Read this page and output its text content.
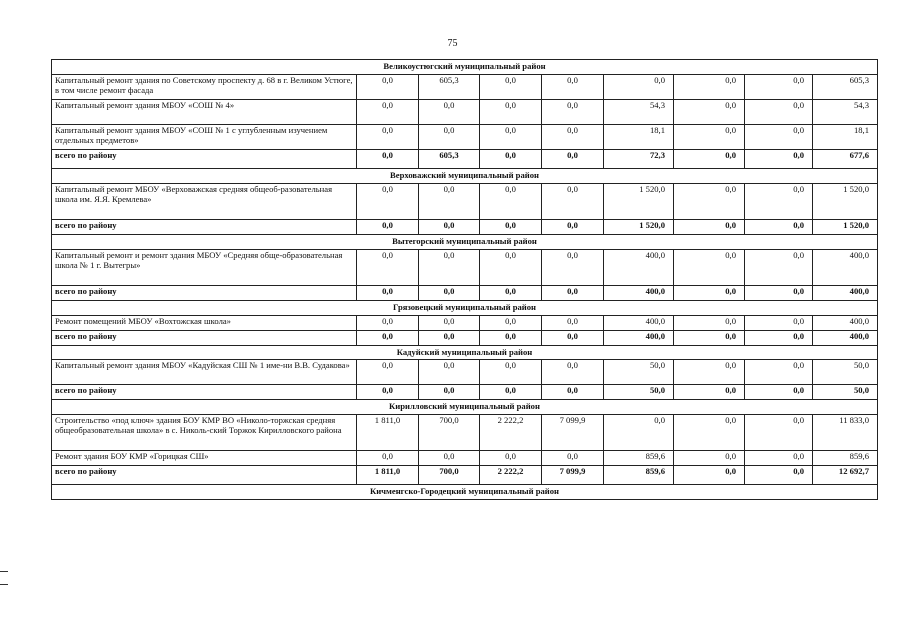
75
Великоустюгский муниципальный район								
Капитальный ремонт здания по Советскому проспекту д. 68 в г. Великом Устюге, в том числе ремонт фасада	0,0	605,3	0,0	0,0	0,0	0,0	0,0	605,3
Капитальный ремонт здания МБОУ «СОШ № 4»	0,0	0,0	0,0	0,0	54,3	0,0	0,0	54,3
Капитальный ремонт здания МБОУ «СОШ № 1 с углубленным изучением отдельных предметов»	0,0	0,0	0,0	0,0	18,1	0,0	0,0	18,1
всего по району	0,0	605,3	0,0	0,0	72,3	0,0	0,0	677,6
Верховажский муниципальный район								
Капитальный ремонт МБОУ «Верховажская средняя общеоб-разовательная школа им. Я.Я. Кремлева»	0,0	0,0	0,0	0,0	1 520,0	0,0	0,0	1 520,0
всего по району	0,0	0,0	0,0	0,0	1 520,0	0,0	0,0	1 520,0
Вытегорский муниципальный район								
Капитальный ремонт и ремонт здания МБОУ «Средняя обще-образовательная школа № 1 г. Вытегры»	0,0	0,0	0,0	0,0	400,0	0,0	0,0	400,0
всего по району	0,0	0,0	0,0	0,0	400,0	0,0	0,0	400,0
Грязовецкий муниципальный район								
Ремонт помещений МБОУ «Вохтожская школа»	0,0	0,0	0,0	0,0	400,0	0,0	0,0	400,0
всего по району	0,0	0,0	0,0	0,0	400,0	0,0	0,0	400,0
Кадуйский муниципальный район								
Капитальный ремонт здания МБОУ «Кадуйская СШ № 1 име-ни В.В. Судакова»	0,0	0,0	0,0	0,0	50,0	0,0	0,0	50,0
всего по району	0,0	0,0	0,0	0,0	50,0	0,0	0,0	50,0
Кирилловский муниципальный район								
Строительство «под ключ» здания БОУ КМР ВО «Николо-торжская средняя общеобразовательная школа» в с. Николь-ский Торжок Кирилловского района	1 811,0	700,0	2 222,2	7 099,9	0,0	0,0	0,0	11 833,0
Ремонт здания БОУ КМР «Горицкая СШ»	0,0	0,0	0,0	0,0	859,6	0,0	0,0	859,6
всего по району	1 811,0	700,0	2 222,2	7 099,9	859,6	0,0	0,0	12 692,7
Кичменгско-Городецкий муниципальный район								
